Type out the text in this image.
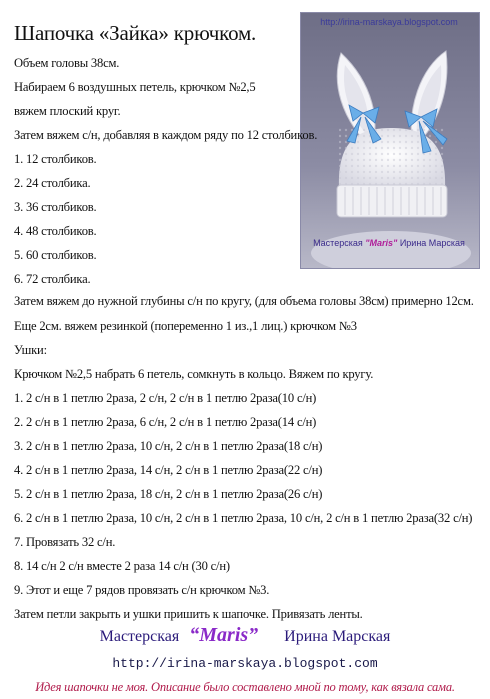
Шапочка «Зайка» крючком.	http://irina-marskaya.blogspot.com
Мастерская "Maris" Ирина Марская
Объем головы 38см.
Набираем 6 воздушных петель, крючком №2,5
вяжем плоский круг.
Затем вяжем с/н, добавляя в каждом ряду по 12 столбиков.
1. 12 столбиков.
2. 24 столбика.
3. 36 столбиков.
4. 48 столбиков.
5. 60 столбиков.
6. 72 столбика.
Затем вяжем до нужной глубины с/н по кругу, (для объема головы 38см) примерно 12см.
Еще 2см. вяжем резинкой (попеременно 1 из.,1 лиц.) крючком №3
Ушки:
Крючком №2,5 набрать 6 петель, сомкнуть в кольцо. Вяжем по кругу.
1. 2 с/н в 1 петлю 2раза, 2 с/н, 2 с/н в 1 петлю 2раза(10 с/н)
2. 2 с/н в 1 петлю 2раза, 6 с/н, 2 с/н в 1 петлю 2раза(14 с/н)
3. 2 с/н в 1 петлю 2раза, 10 с/н, 2 с/н в 1 петлю 2раза(18 с/н)
4. 2 с/н в 1 петлю 2раза, 14 с/н, 2 с/н в 1 петлю 2раза(22 с/н)
5. 2 с/н в 1 петлю 2раза, 18 с/н, 2 с/н в 1 петлю 2раза(26 с/н)
6. 2 с/н в 1 петлю 2раза, 10 с/н, 2 с/н в 1 петлю 2раза, 10 с/н, 2 с/н в 1 петлю 2раза(32 с/н)
7. Провязать 32 с/н.
8. 14 с/н 2 с/н вместе 2 раза 14 с/н (30 с/н)
9. Этот и еще 7 рядов провязать с/н крючком №3.
Затем петли закрыть и ушки пришить к шапочке. Привязать ленты.
Мастерская “Maris” Ирина Марская
http://irina-marskaya.blogspot.com
Идея шапочки не моя. Описание было составлено мной по тому, как вязала сама.
